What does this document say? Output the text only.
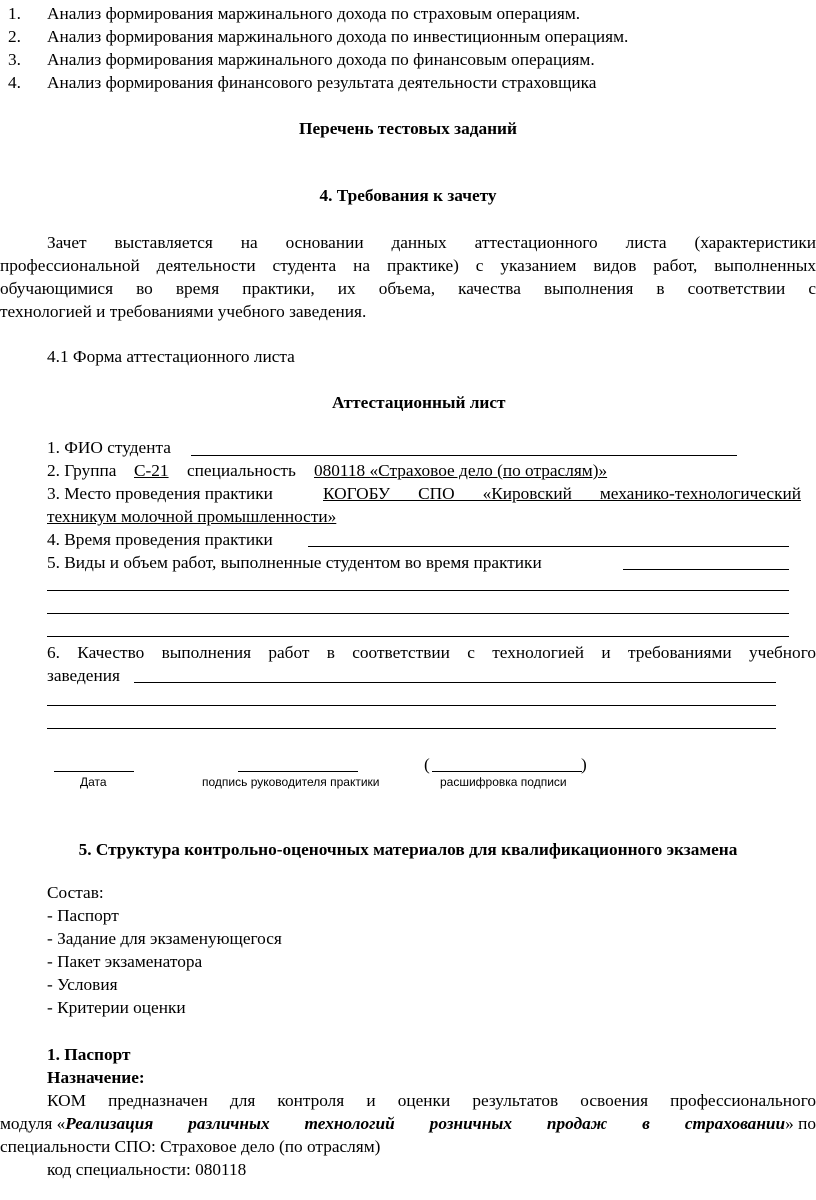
1. Анализ формирования маржинального дохода по страховым операциям.
2. Анализ формирования маржинального дохода по инвестиционным операциям.
3. Анализ формирования маржинального дохода по финансовым операциям.
4. Анализ формирования финансового результата деятельности страховщика
Перечень тестовых заданий
4. Требования к зачету
Зачет выставляется на основании данных аттестационного листа (характеристики
профессиональной деятельности студента на практике) с указанием видов работ, выполненных
обучающимися во время практики, их объема, качества выполнения в соответствии с
технологией и требованиями учебного заведения.
4.1 Форма аттестационного листа
Аттестационный лист
1. ФИО студента
2. Группа С-21 специальность 080118 «Страховое дело (по отраслям)»
3. Место проведения практики	КОГОБУ СПО «Кировский механико-технологический
техникум молочной промышленности»
4. Время проведения практики
5. Виды и объем работ, выполненные студентом во время практики
6. Качество выполнения работ в соответствии с технологией и требованиями учебного
заведения
(	)
Дата	подпись руководителя практики	расшифровка подписи
5. Структура контрольно-оценочных материалов для квалификационного экзамена
Состав:
- Паспорт
- Задание для экзаменующегося
- Пакет экзаменатора
- Условия
- Критерии оценки
1. Паспорт
Назначение:
КОМ предназначен для контроля и оценки результатов освоения профессионального
модуля « Реализация различных технологий розничных продаж в страховании » по
специальности СПО: Страховое дело (по отраслям)
код специальности: 080118
